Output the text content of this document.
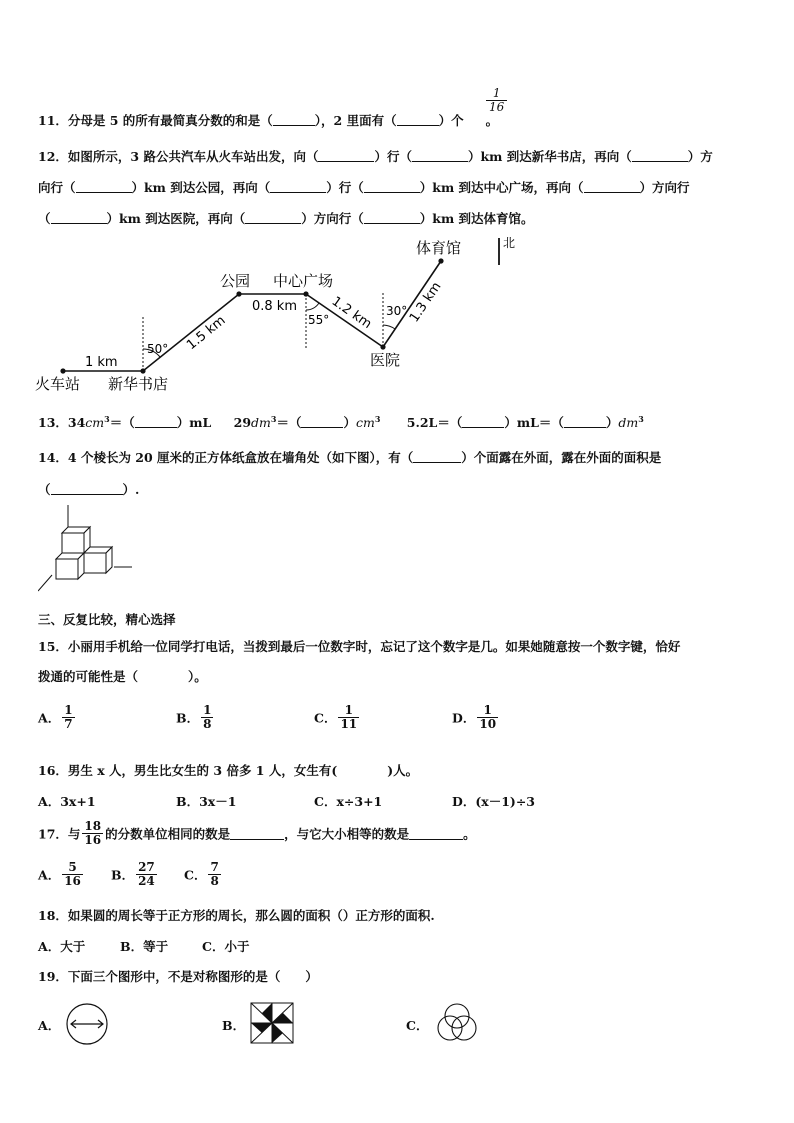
11．分母是 5 的所有最简真分数的和是（	），2 里面有（	）个 。
1
16
12．如图所示，3 路公共汽车从火车站出发，向（	）行（	）km 到达新华书店，再向（	）方
向行（	）km 到达公园，再向（	）行（	）km 到达中心广场，再向（	）方向行
（	）km 到达医院，再向（	）方向行（	）km 到达体育馆。
北
火车站 新华书店
公园 中心广场
医院
体育馆
1 km
1.5 km
0.8 km 1.2 km	1.3 km
50°
55°
30°
13．$34cm^3=$（	）mL $29dm^3=$（	）$cm^3$ 5.2L＝（	）mL＝（	）$dm^3$
14．4 个棱长为 20 厘米的正方体纸盒放在墙角处（如下图），有（	）个面露在外面，露在外面的面积是
（	）.
三、反复比较，精心选择
15．小丽用手机给一位同学打电话，当拨到最后一位数字时，忘记了这个数字是几。如果她随意按一个数字键，恰好
拨通的可能性是（　　　　）。
A． $\frac{1}{7}$	B． $\frac{1}{8}$	C． $\frac{1}{11}$	D． $\frac{1}{10}$
16．男生 x 人，男生比女生的 3 倍多 1 人，女生有(　　　　)人。
A．3x+1	B．3x－1	C．x÷3+1	D．(x－1)÷3
17．与 $\frac{18}{16}$ 的分数单位相同的数是	，与它大小相等的数是	。
A． $\frac{5}{16}$ B． $\frac{27}{24}$ C． $\frac{7}{8}$
18．如果圆的周长等于正方形的周长，那么圆的面积（）正方形的面积.
A．大于	B．等于	C．小于
19．下面三个图形中，不是对称图形的是（　　）
A．	B．	C．
